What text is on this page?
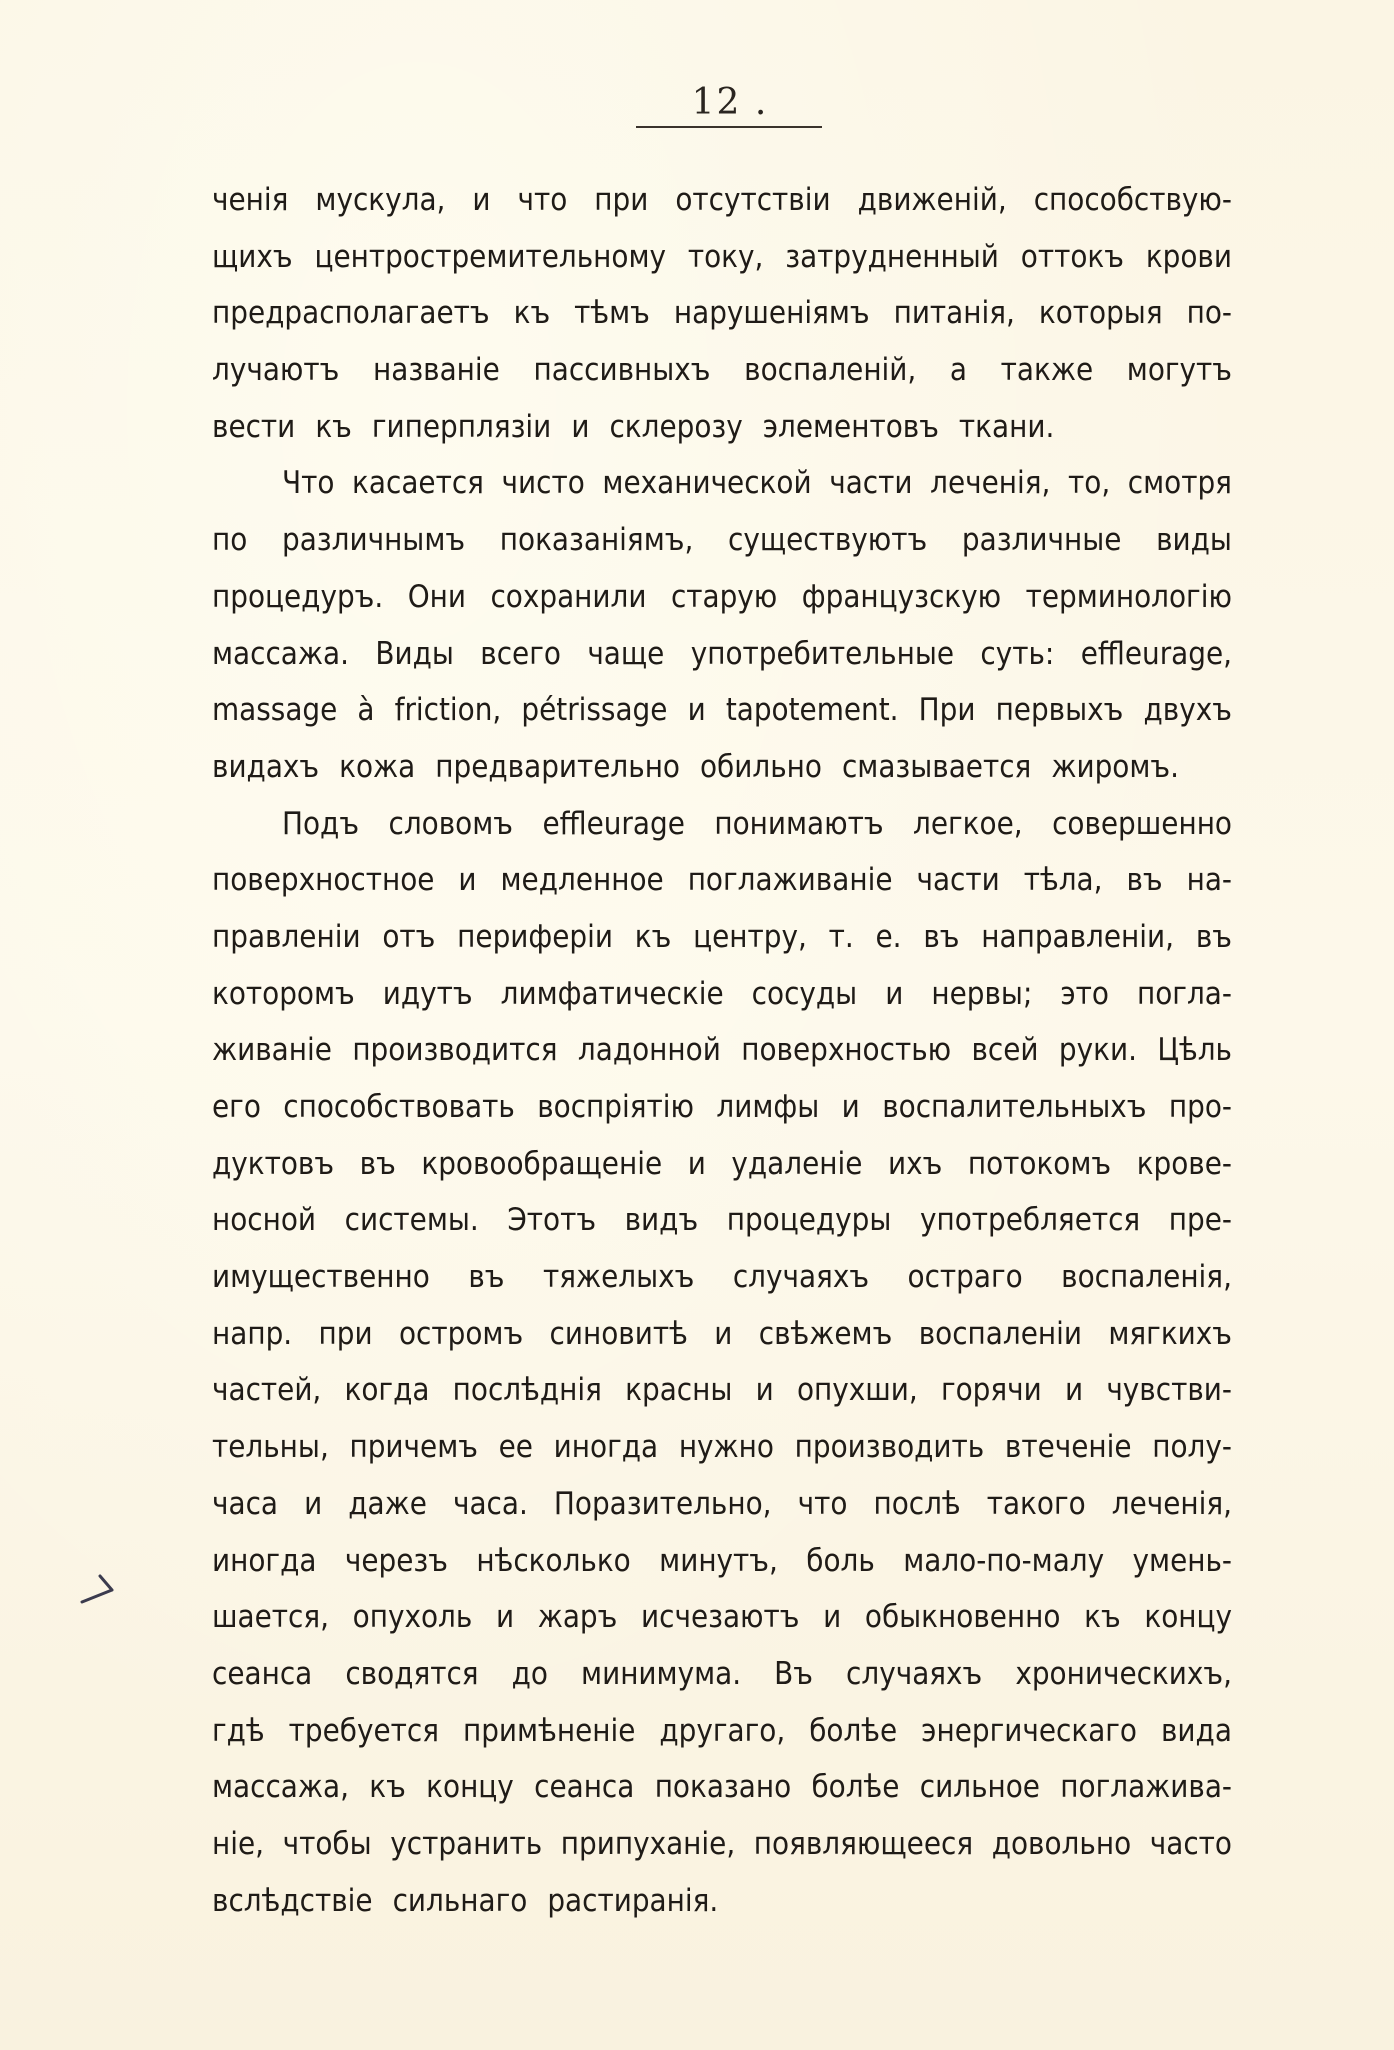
12 .
ченія мускула, и что при отсутствіи движеній, способствую-
щихъ центростремительному току, затрудненный оттокъ крови
предрасполагаетъ къ тѣмъ нарушеніямъ питанія, которыя по-
лучаютъ названіе пассивныхъ воспаленій, а также могутъ
вести къ гиперплязіи и склерозу элементовъ ткани.
Что касается чисто механической части леченія, то, смотря
по различнымъ показаніямъ, существуютъ различные виды
процедуръ. Они сохранили старую французскую терминологію
массажа. Виды всего чаще употребительные суть: effleurage,
massage à friction, pétrissage и tapotement. При первыхъ двухъ
видахъ кожа предварительно обильно смазывается жиромъ.
Подъ словомъ effleurage понимаютъ легкое, совершенно
поверхностное и медленное поглаживаніе части тѣла, въ на-
правленіи отъ периферіи къ центру, т. е. въ направленіи, въ
которомъ идутъ лимфатическіе сосуды и нервы; это погла-
живаніе производится ладонной поверхностью всей руки. Цѣль
его способствовать воспріятію лимфы и воспалительныхъ про-
дуктовъ въ кровообращеніе и удаленіе ихъ потокомъ крове-
носной системы. Этотъ видъ процедуры употребляется пре-
имущественно въ тяжелыхъ случаяхъ остраго воспаленія,
напр. при остромъ синовитѣ и свѣжемъ воспаленіи мягкихъ
частей, когда послѣднія красны и опухши, горячи и чувстви-
тельны, причемъ ее иногда нужно производить втеченіе полу-
часа и даже часа. Поразительно, что послѣ такого леченія,
иногда черезъ нѣсколько минутъ, боль мало-по-малу умень-
шается, опухоль и жаръ исчезаютъ и обыкновенно къ концу
сеанса сводятся до минимума. Въ случаяхъ хроническихъ,
гдѣ требуется примѣненіе другаго, болѣе энергическаго вида
массажа, къ концу сеанса показано болѣе сильное поглажива-
ніе, чтобы устранить припуханіе, появляющееся довольно часто
вслѣдствіе сильнаго растиранія.
